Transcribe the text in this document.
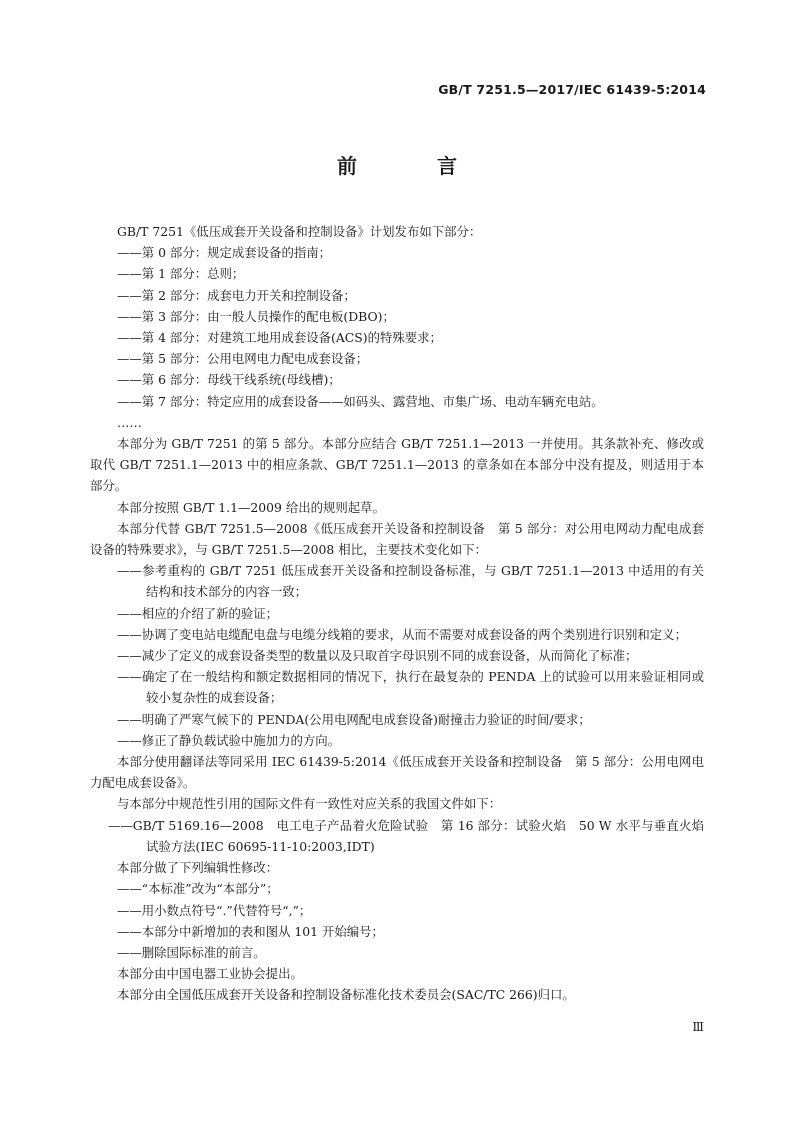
GB/T 7251.5—2017/IEC 61439-5:2014
前　言

GB/T 7251《低压成套开关设备和控制设备》计划发布如下部分：

——第 0 部分：规定成套设备的指南；

——第 1 部分：总则；

——第 2 部分：成套电力开关和控制设备；

——第 3 部分：由一般人员操作的配电板(DBO)；

——第 4 部分：对建筑工地用成套设备(ACS)的特殊要求；

——第 5 部分：公用电网电力配电成套设备；

——第 6 部分：母线干线系统(母线槽)；

——第 7 部分：特定应用的成套设备——如码头、露营地、市集广场、电动车辆充电站。

……

本部分为 GB/T 7251 的第 5 部分。本部分应结合 GB/T 7251.1—2013 一并使用。其条款补充、修改或取代 GB/T 7251.1—2013 中的相应条款、GB/T 7251.1—2013 的章条如在本部分中没有提及，则适用于本部分。

本部分按照 GB/T 1.1—2009 给出的规则起草。

本部分代替 GB/T 7251.5—2008《低压成套开关设备和控制设备　第 5 部分：对公用电网动力配电成套设备的特殊要求》，与 GB/T 7251.5—2008 相比，主要技术变化如下：

——参考重构的 GB/T 7251 低压成套开关设备和控制设备标准，与 GB/T 7251.1—2013 中适用的有关结构和技术部分的内容一致；

——相应的介绍了新的验证；

——协调了变电站电缆配电盘与电缆分线箱的要求，从而不需要对成套设备的两个类别进行识别和定义；

——减少了定义的成套设备类型的数量以及只取首字母识别不同的成套设备，从而简化了标准；

——确定了在一般结构和额定数据相同的情况下，执行在最复杂的 PENDA 上的试验可以用来验证相同或较小复杂性的成套设备；

——明确了严寒气候下的 PENDA(公用电网配电成套设备)耐撞击力验证的时间/要求；

——修正了静负载试验中施加力的方向。

本部分使用翻译法等同采用 IEC 61439-5:2014《低压成套开关设备和控制设备　第 5 部分：公用电网电力配电成套设备》。

与本部分中规范性引用的国际文件有一致性对应关系的我国文件如下：

——GB/T 5169.16—2008　电工电子产品着火危险试验　第 16 部分：试验火焰　50 W 水平与垂直火焰试验方法(IEC 60695-11-10:2003,IDT)

本部分做了下列编辑性修改：

——“本标准”改为“本部分”；

——用小数点符号“.”代替符号“,”；

——本部分中新增加的表和图从 101 开始编号；

——删除国际标准的前言。

本部分由中国电器工业协会提出。

本部分由全国低压成套开关设备和控制设备标准化技术委员会(SAC/TC 266)归口。

Ⅲ
